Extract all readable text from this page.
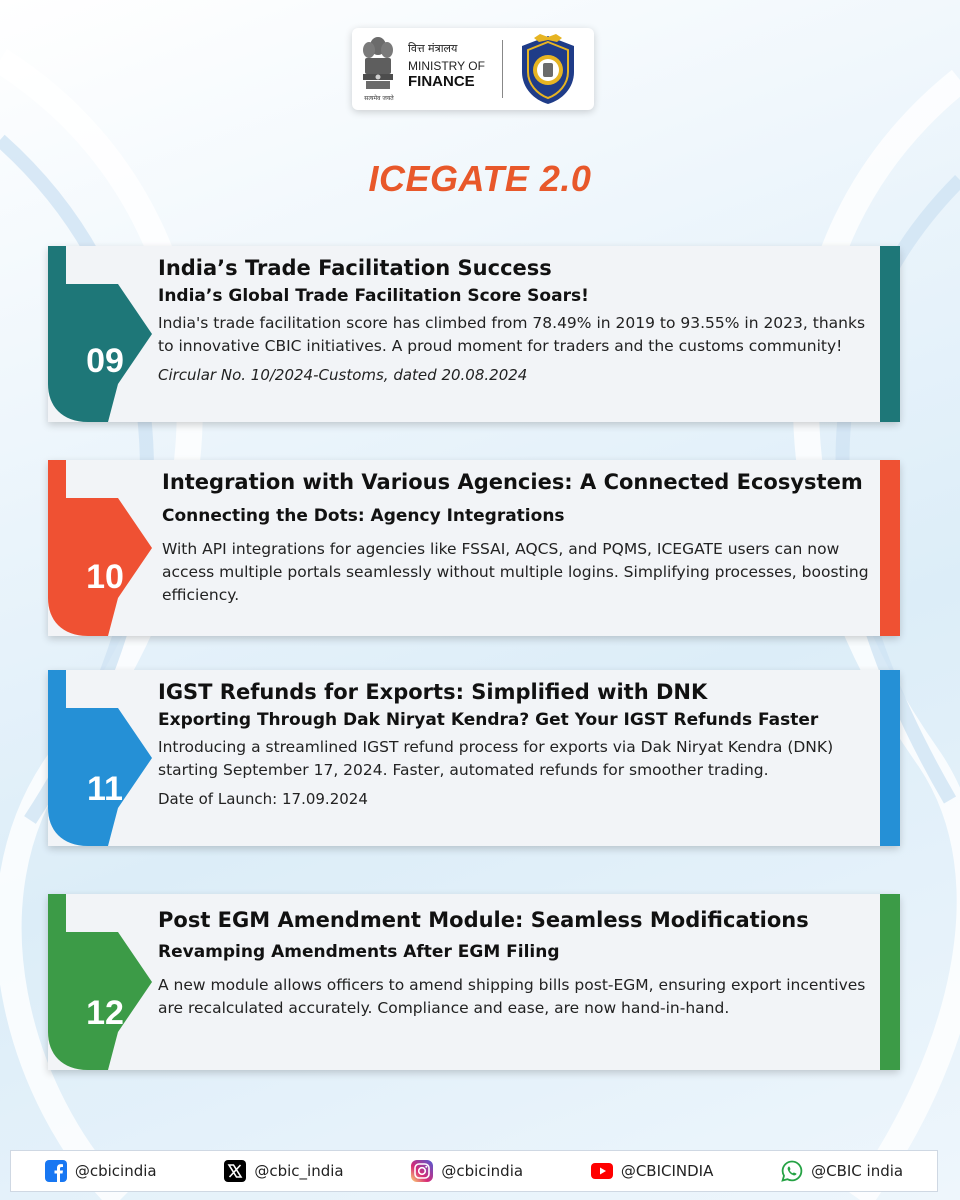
सत्यमेव जयते
वित्त मंत्रालय
MINISTRY OF
FINANCE
ICEGATE 2.0
09
India’s Trade Facilitation Success
India’s Global Trade Facilitation Score Soars!
India's trade facilitation score has climbed from 78.49% in 2019 to 93.55% in 2023, thanks to innovative CBIC initiatives. A proud moment for traders and the customs community!
Circular No. 10/2024-Customs, dated 20.08.2024
10
Integration with Various Agencies: A Connected Ecosystem
Connecting the Dots: Agency Integrations
With API integrations for agencies like FSSAI, AQCS, and PQMS, ICEGATE users can now access multiple portals seamlessly without multiple logins. Simplifying processes, boosting efficiency.
11
IGST Refunds for Exports: Simplified with DNK
Exporting Through Dak Niryat Kendra? Get Your IGST Refunds Faster
Introducing a streamlined IGST refund process for exports via Dak Niryat Kendra (DNK) starting September 17, 2024. Faster, automated refunds for smoother trading.
Date of Launch: 17.09.2024
12
Post EGM Amendment Module: Seamless Modifications
Revamping Amendments After EGM Filing
A new module allows officers to amend shipping bills post-EGM, ensuring export incentives are recalculated accurately. Compliance and ease, are now hand-in-hand.
@cbicindia	@cbic_india	@cbicindia	@CBICINDIA	@CBIC india
